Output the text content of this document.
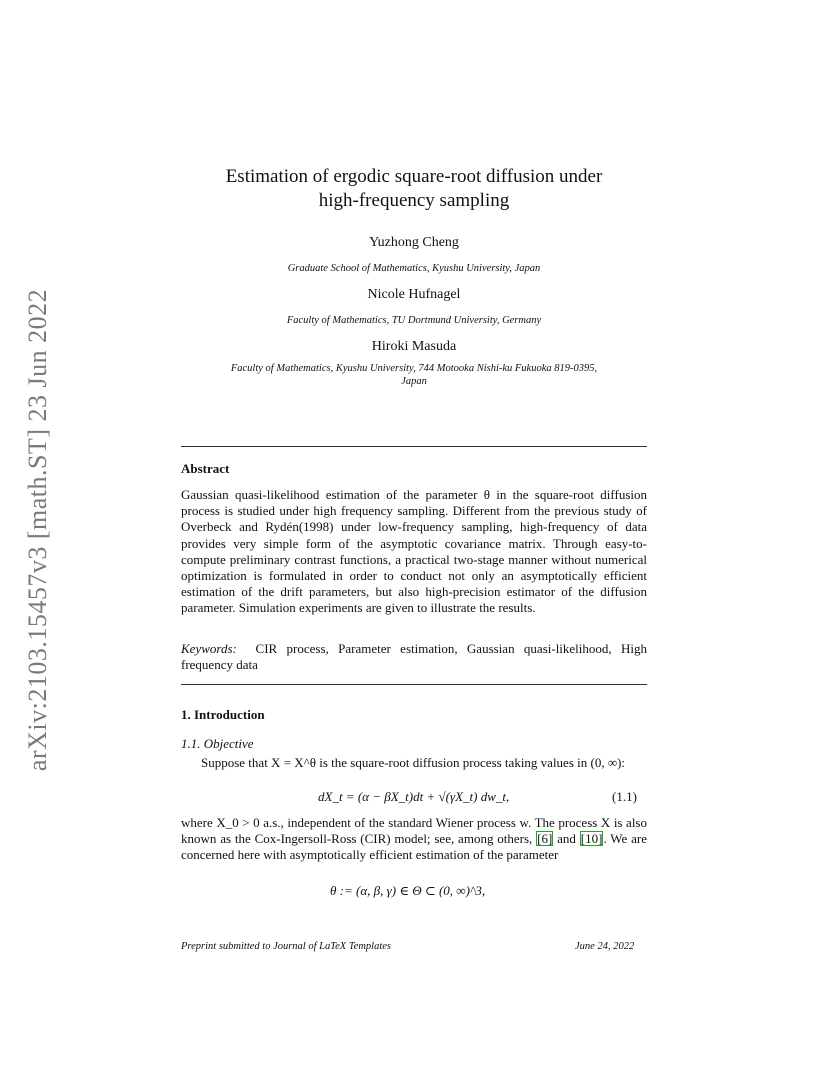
arXiv:2103.15457v3 [math.ST] 23 Jun 2022
Estimation of ergodic square-root diffusion under
high-frequency sampling
Yuzhong Cheng
Graduate School of Mathematics, Kyushu University, Japan
Nicole Hufnagel
Faculty of Mathematics, TU Dortmund University, Germany
Hiroki Masuda
Faculty of Mathematics, Kyushu University, 744 Motooka Nishi-ku Fukuoka 819-0395,
Japan
Abstract

Gaussian quasi-likelihood estimation of the parameter θ in the square-root diffusion process is studied under high frequency sampling. Different from the previous study of Overbeck and Rydén(1998) under low-frequency sampling, high-frequency of data provides very simple form of the asymptotic covariance matrix. Through easy-to-compute preliminary contrast functions, a practical two-stage manner without numerical optimization is formulated in order to conduct not only an asymptotically efficient estimation of the drift parameters, but also high-precision estimator of the diffusion parameter. Simulation experiments are given to illustrate the results.

Keywords: CIR process, Parameter estimation, Gaussian quasi-likelihood, High frequency data

1. Introduction
1.1. Objective

Suppose that X = X^θ is the square-root diffusion process taking values in (0, ∞):

dX_t = (α − βX_t)dt + √(γX_t) dw_t,	(1.1)

where X_0 > 0 a.s., independent of the standard Wiener process w. The process X is also known as the Cox-Ingersoll-Ross (CIR) model; see, among others, [6] and [10]. We are concerned here with asymptotically efficient estimation of the parameter

θ := (α, β, γ) ∈ Θ ⊂ (0, ∞)^3,
Preprint submitted to Journal of LaTeX Templates	June 24, 2022
